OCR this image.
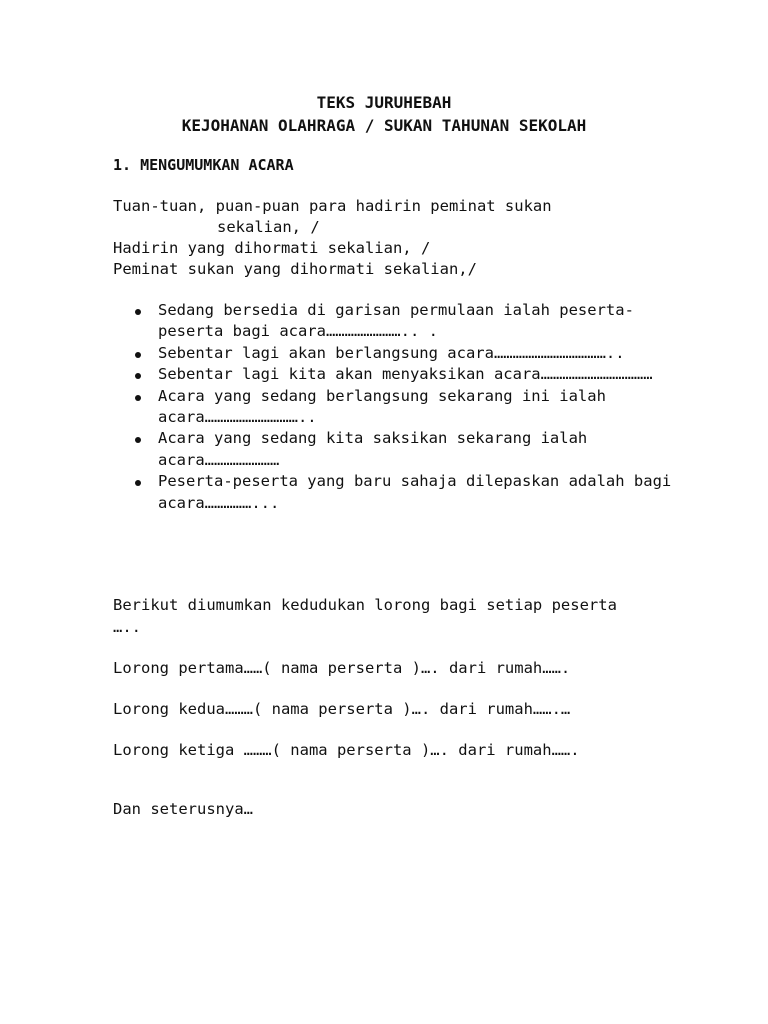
TEKS JURUHEBAH

KEJOHANAN OLAHRAGA / SUKAN TAHUNAN SEKOLAH

1. MENGUMUMKAN ACARA

Tuan-tuan, puan-puan para hadirin peminat sukan

sekalian, /

Hadirin yang dihormati sekalian, /

Peminat sukan yang dihormati sekalian,/

Sedang bersedia di garisan permulaan ialah peserta-peserta bagi acara…………………….. .
Sebentar lagi akan berlangsung acara………………………………..
Sebentar lagi kita akan menyaksikan acara………………………………
Acara yang sedang berlangsung sekarang ini ialah acara…………………………..
Acara yang sedang kita saksikan sekarang ialah acara……………………
Peserta-peserta yang baru sahaja dilepaskan adalah bagi acara……………...

Berikut diumumkan kedudukan lorong bagi setiap peserta

…..

Lorong pertama……( nama perserta )…. dari rumah…….

Lorong kedua………( nama perserta )…. dari rumah…….…

Lorong ketiga ………( nama perserta )…. dari rumah…….

Dan seterusnya…
